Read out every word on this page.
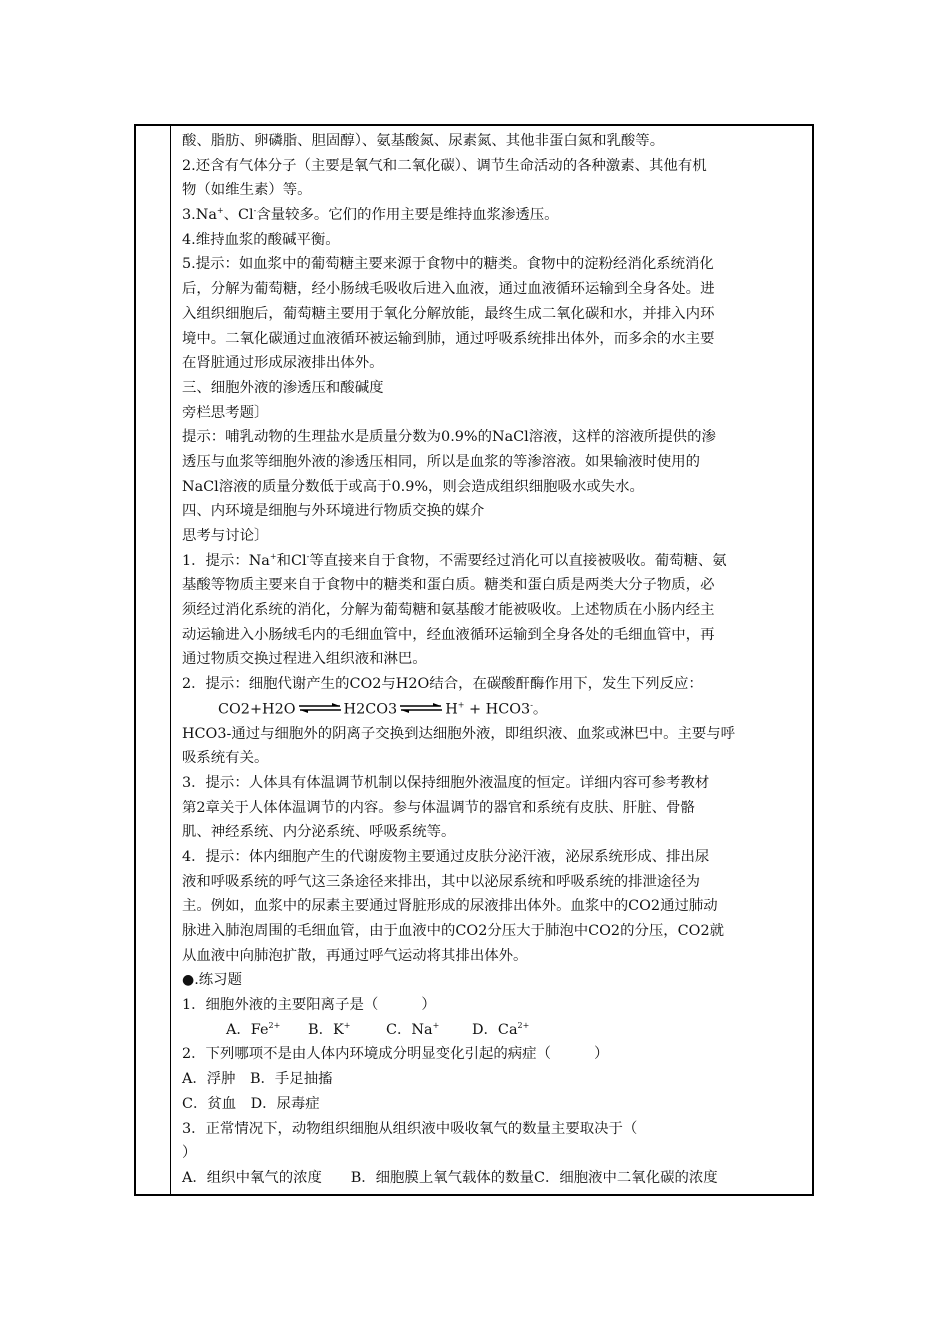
酸、脂肪、卵磷脂、胆固醇）、氨基酸氮、尿素氮、其他非蛋白氮和乳酸等。
2.还含有气体分子（主要是氧气和二氧化碳）、调节生命活动的各种激素、其他有机
物（如维生素）等。
3.Na+、Cl-含量较多。它们的作用主要是维持血浆渗透压。
4.维持血浆的酸碱平衡。
5.提示：如血浆中的葡萄糖主要来源于食物中的糖类。食物中的淀粉经消化系统消化
后，分解为葡萄糖，经小肠绒毛吸收后进入血液，通过血液循环运输到全身各处。进
入组织细胞后，葡萄糖主要用于氧化分解放能，最终生成二氧化碳和水，并排入内环
境中。二氧化碳通过血液循环被运输到肺，通过呼吸系统排出体外，而多余的水主要
在肾脏通过形成尿液排出体外。
三、细胞外液的渗透压和酸碱度
旁栏思考题〕
提示：哺乳动物的生理盐水是质量分数为0.9%的NaCl溶液，这样的溶液所提供的渗
透压与血浆等细胞外液的渗透压相同，所以是血浆的等渗溶液。如果输液时使用的
NaCl溶液的质量分数低于或高于0.9%，则会造成组织细胞吸水或失水。
四、内环境是细胞与外环境进行物质交换的媒介
思考与讨论〕
1．提示：Na+和Cl-等直接来自于食物，不需要经过消化可以直接被吸收。葡萄糖、氨
基酸等物质主要来自于食物中的糖类和蛋白质。糖类和蛋白质是两类大分子物质，必
须经过消化系统的消化，分解为葡萄糖和氨基酸才能被吸收。上述物质在小肠内经主
动运输进入小肠绒毛内的毛细血管中，经血液循环运输到全身各处的毛细血管中，再
通过物质交换过程进入组织液和淋巴。
2．提示：细胞代谢产生的CO2与H2O结合，在碳酸酐酶作用下，发生下列反应：
CO2+H2O ⇌ H2CO3 ⇌ H+ + HCO3-。
HCO3-通过与细胞外的阴离子交换到达细胞外液，即组织液、血浆或淋巴中。主要与呼
吸系统有关。
3．提示：人体具有体温调节机制以保持细胞外液温度的恒定。详细内容可参考教材
第2章关于人体体温调节的内容。参与体温调节的器官和系统有皮肤、肝脏、骨骼
肌、神经系统、内分泌系统、呼吸系统等。
4．提示：体内细胞产生的代谢废物主要通过皮肤分泌汗液，泌尿系统形成、排出尿
液和呼吸系统的呼气这三条途径来排出，其中以泌尿系统和呼吸系统的排泄途径为
主。例如，血浆中的尿素主要通过肾脏形成的尿液排出体外。血浆中的CO2通过肺动
脉进入肺泡周围的毛细血管，由于血液中的CO2分压大于肺泡中CO2的分压，CO2就
从血液中向肺泡扩散，再通过呼气运动将其排出体外。
●.练习题
1．细胞外液的主要阳离子是（　　　）
A．$Fe^{2+}$ B．K+ C．Na+ D．$Ca^{2+}$
2．下列哪项不是由人体内环境成分明显变化引起的病症（　　　）
A．浮肿　B．手足抽搐
C．贫血　D．尿毒症
3．正常情况下，动物组织细胞从组织液中吸收氧气的数量主要取决于（
）
A．组织中氧气的浓度　　B．细胞膜上氧气载体的数量C．细胞液中二氧化碳的浓度
